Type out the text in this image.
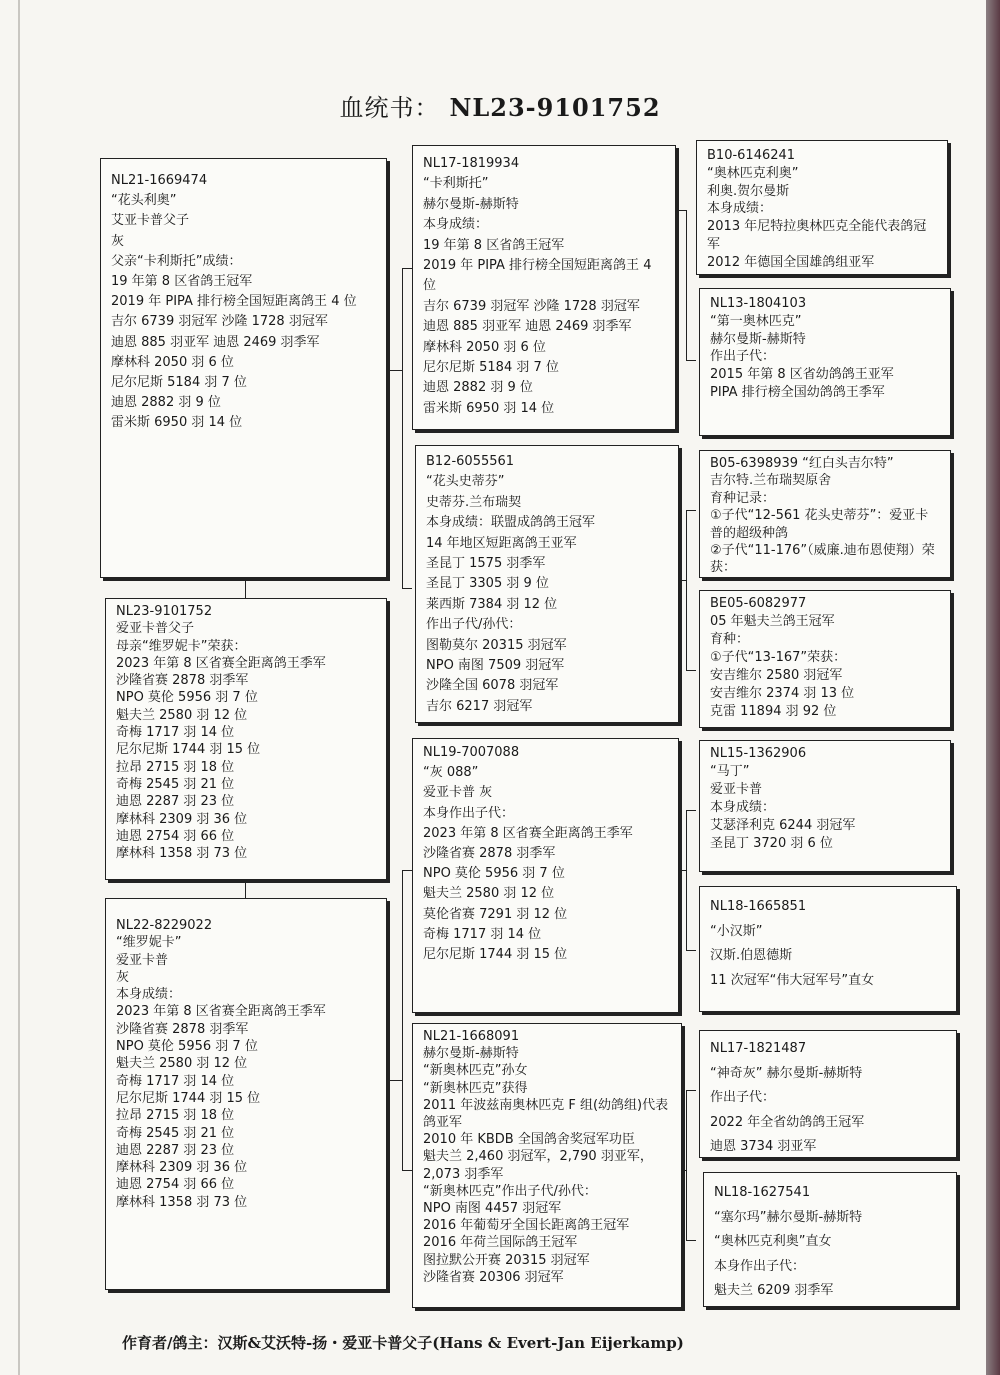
血统书： NL23-9101752
NL21-1669474
“花头利奥”
艾亚卡普父子
灰
父亲“卡利斯托”成绩：
19 年第 8 区省鸽王冠军
2019 年 PIPA 排行榜全国短距离鸽王 4 位
吉尔 6739 羽冠军 沙隆 1728 羽冠军
迪恩 885 羽亚军 迪恩 2469 羽季军
摩林科 2050 羽 6 位
尼尔尼斯 5184 羽 7 位
迪恩 2882 羽 9 位
雷米斯 6950 羽 14 位
NL23-9101752
爱亚卡普父子
母亲“维罗妮卡”荣获：
2023 年第 8 区省赛全距离鸽王季军
沙隆省赛 2878 羽季军
NPO 莫伦 5956 羽 7 位
魁夫兰 2580 羽 12 位
奇梅 1717 羽 14 位
尼尔尼斯 1744 羽 15 位
拉昂 2715 羽 18 位
奇梅 2545 羽 21 位
迪恩 2287 羽 23 位
摩林科 2309 羽 36 位
迪恩 2754 羽 66 位
摩林科 1358 羽 73 位
NL22-8229022
“维罗妮卡”
爱亚卡普
灰
本身成绩：
2023 年第 8 区省赛全距离鸽王季军
沙隆省赛 2878 羽季军
NPO 莫伦 5956 羽 7 位
魁夫兰 2580 羽 12 位
奇梅 1717 羽 14 位
尼尔尼斯 1744 羽 15 位
拉昂 2715 羽 18 位
奇梅 2545 羽 21 位
迪恩 2287 羽 23 位
摩林科 2309 羽 36 位
迪恩 2754 羽 66 位
摩林科 1358 羽 73 位
NL17-1819934
“卡利斯托”
赫尔曼斯-赫斯特
本身成绩：
19 年第 8 区省鸽王冠军
2019 年 PIPA 排行榜全国短距离鸽王 4 位
吉尔 6739 羽冠军 沙隆 1728 羽冠军
迪恩 885 羽亚军 迪恩 2469 羽季军
摩林科 2050 羽 6 位
尼尔尼斯 5184 羽 7 位
迪恩 2882 羽 9 位
雷米斯 6950 羽 14 位
B12-6055561
“花头史蒂芬”
史蒂芬.兰布瑞契
本身成绩：联盟成鸽鸽王冠军
14 年地区短距离鸽王亚军
圣昆丁 1575 羽季军
圣昆丁 3305 羽 9 位
莱西斯 7384 羽 12 位
作出子代/孙代：
图勒莫尔 20315 羽冠军
NPO 南图 7509 羽冠军
沙隆全国 6078 羽冠军
吉尔 6217 羽冠军
NL19-7007088
“灰 088”
爱亚卡普 灰
本身作出子代：
2023 年第 8 区省赛全距离鸽王季军
沙隆省赛 2878 羽季军
NPO 莫伦 5956 羽 7 位
魁夫兰 2580 羽 12 位
莫伦省赛 7291 羽 12 位
奇梅 1717 羽 14 位
尼尔尼斯 1744 羽 15 位
NL21-1668091
赫尔曼斯-赫斯特
“新奥林匹克”孙女
“新奥林匹克”获得
2011 年波兹南奥林匹克 F 组(幼鸽组)代表鸽亚军
2010 年 KBDB 全国鸽舍奖冠军功臣
魁夫兰 2,460 羽冠军，2,790 羽亚军，2,073 羽季军
“新奥林匹克”作出子代/孙代：
NPO 南图 4457 羽冠军
2016 年葡萄牙全国长距离鸽王冠军
2016 年荷兰国际鸽王冠军
图拉默公开赛 20315 羽冠军
沙隆省赛 20306 羽冠军
B10-6146241
“奥林匹克利奥”
利奥.贺尔曼斯
本身成绩：
2013 年尼特拉奥林匹克全能代表鸽冠军
2012 年德国全国雄鸽组亚军
NL13-1804103
“第一奥林匹克”
赫尔曼斯-赫斯特
作出子代：
2015 年第 8 区省幼鸽鸽王亚军
PIPA 排行榜全国幼鸽鸽王季军
B05-6398939 “红白头吉尔特”
吉尔特.兰布瑞契原舍
育种记录：
①子代“12-561 花头史蒂芬”：爱亚卡普的超级种鸽
②子代“11-176”（威廉.迪布恩使翔）荣获：
BE05-6082977
05 年魁夫兰鸽王冠军
育种：
①子代“13-167”荣获：
安吉维尔 2580 羽冠军
安吉维尔 2374 羽 13 位
克雷 11894 羽 92 位
NL15-1362906
“马丁”
爱亚卡普
本身成绩：
艾瑟泽利克 6244 羽冠军
圣昆丁 3720 羽 6 位
NL18-1665851
“小汉斯”
汉斯.伯恩德斯
11 次冠军“伟大冠军号”直女
NL17-1821487
“神奇灰” 赫尔曼斯-赫斯特
作出子代：
2022 年全省幼鸽鸽王冠军
迪恩 3734 羽亚军
NL18-1627541
“塞尔玛”赫尔曼斯-赫斯特
“奥林匹克利奥”直女
本身作出子代：
魁夫兰 6209 羽季军
作育者/鸽主：汉斯&艾沃特-扬・爱亚卡普父子(Hans & Evert-Jan Eijerkamp)
